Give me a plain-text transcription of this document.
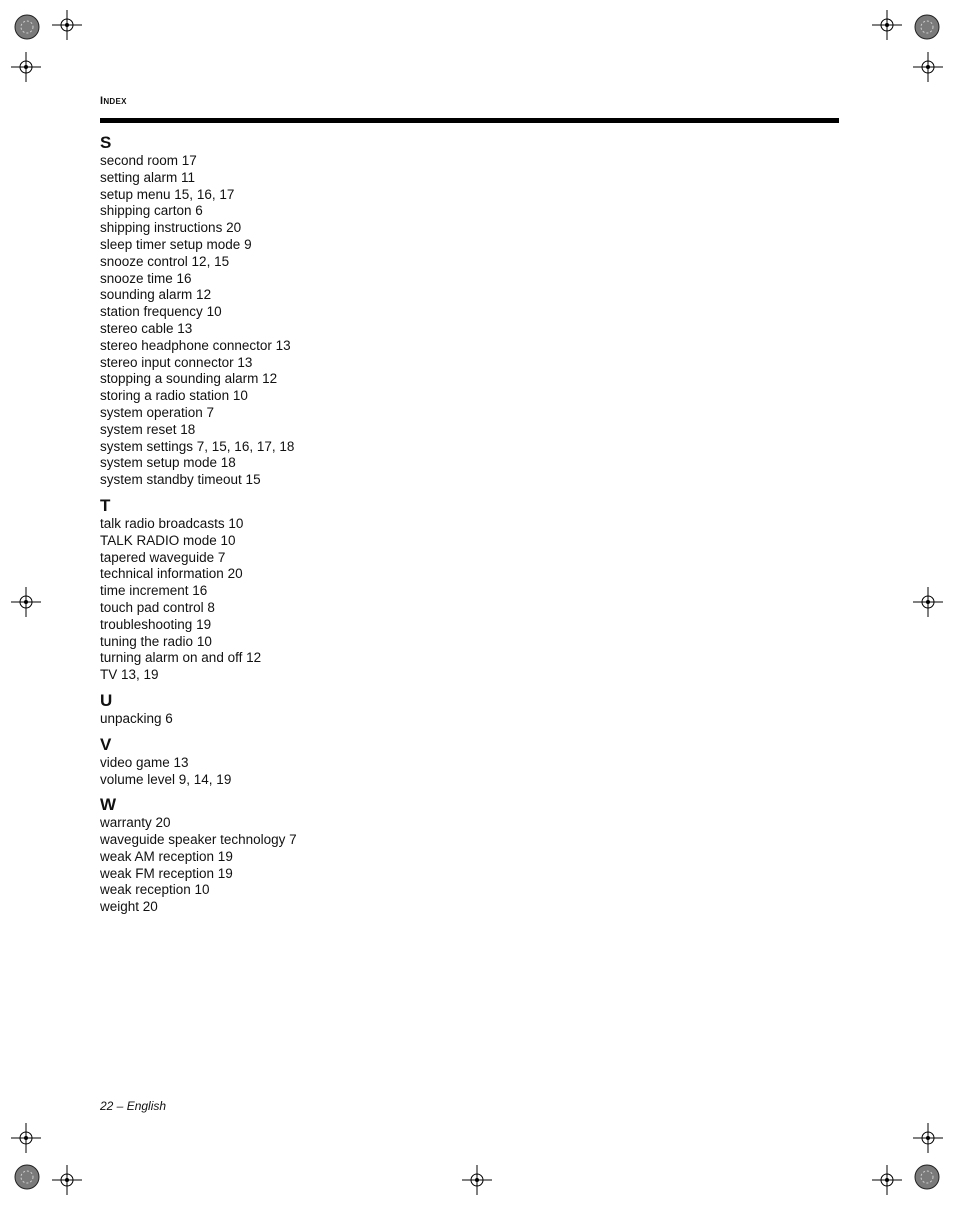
Index
S
second room 17
setting alarm 11
setup menu 15, 16, 17
shipping carton 6
shipping instructions 20
sleep timer setup mode 9
snooze control 12, 15
snooze time 16
sounding alarm 12
station frequency 10
stereo cable 13
stereo headphone connector 13
stereo input connector 13
stopping a sounding alarm 12
storing a radio station 10
system operation 7
system reset 18
system settings 7, 15, 16, 17, 18
system setup mode 18
system standby timeout 15
T
talk radio broadcasts 10
TALK RADIO mode 10
tapered waveguide 7
technical information 20
time increment 16
touch pad control 8
troubleshooting 19
tuning the radio 10
turning alarm on and off 12
TV 13, 19
U
unpacking 6
V
video game 13
volume level 9, 14, 19
W
warranty 20
waveguide speaker technology 7
weak AM reception 19
weak FM reception 19
weak reception 10
weight 20
22 – English
